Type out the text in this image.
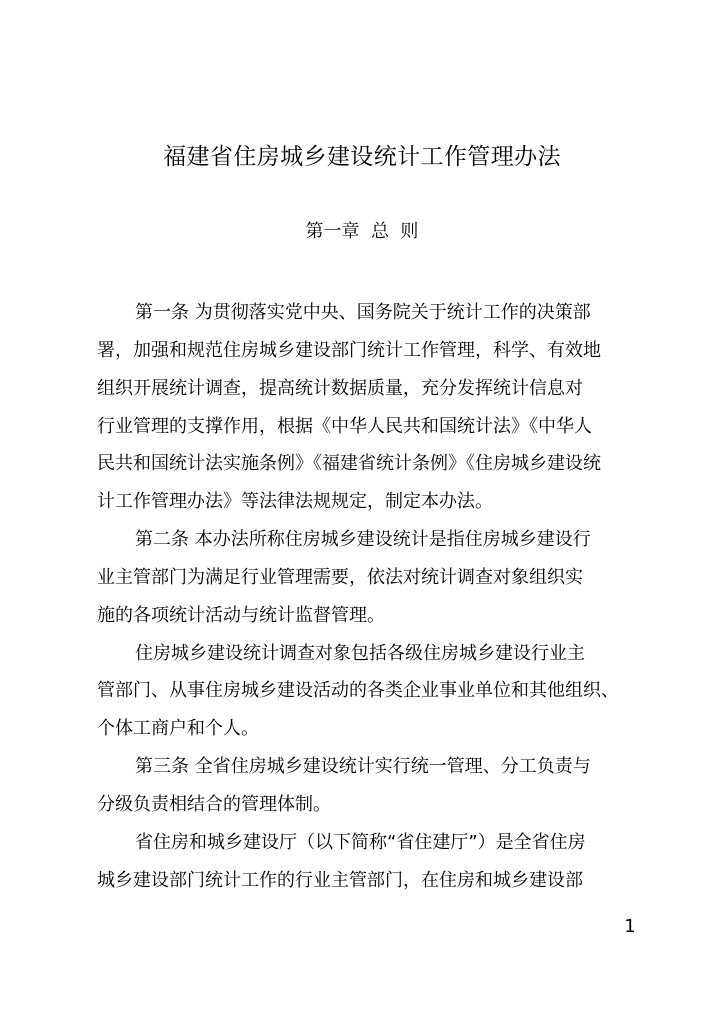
福建省住房城乡建设统计工作管理办法
第一章  总  则
第一条 为贯彻落实党中央、国务院关于统计工作的决策部
署，加强和规范住房城乡建设部门统计工作管理，科学、有效地
组织开展统计调查，提高统计数据质量，充分发挥统计信息对
行业管理的支撑作用，根据《中华人民共和国统计法》《中华人
民共和国统计法实施条例》《福建省统计条例》《住房城乡建设统
计工作管理办法》等法律法规规定，制定本办法。
第二条 本办法所称住房城乡建设统计是指住房城乡建设行
业主管部门为满足行业管理需要，依法对统计调查对象组织实
施的各项统计活动与统计监督管理。
住房城乡建设统计调查对象包括各级住房城乡建设行业主
管部门、从事住房城乡建设活动的各类企业事业单位和其他组织、
个体工商户和个人。
第三条 全省住房城乡建设统计实行统一管理、分工负责与
分级负责相结合的管理体制。
省住房和城乡建设厅（以下简称“省住建厅”）是全省住房
城乡建设部门统计工作的行业主管部门，在住房和城乡建设部
1
